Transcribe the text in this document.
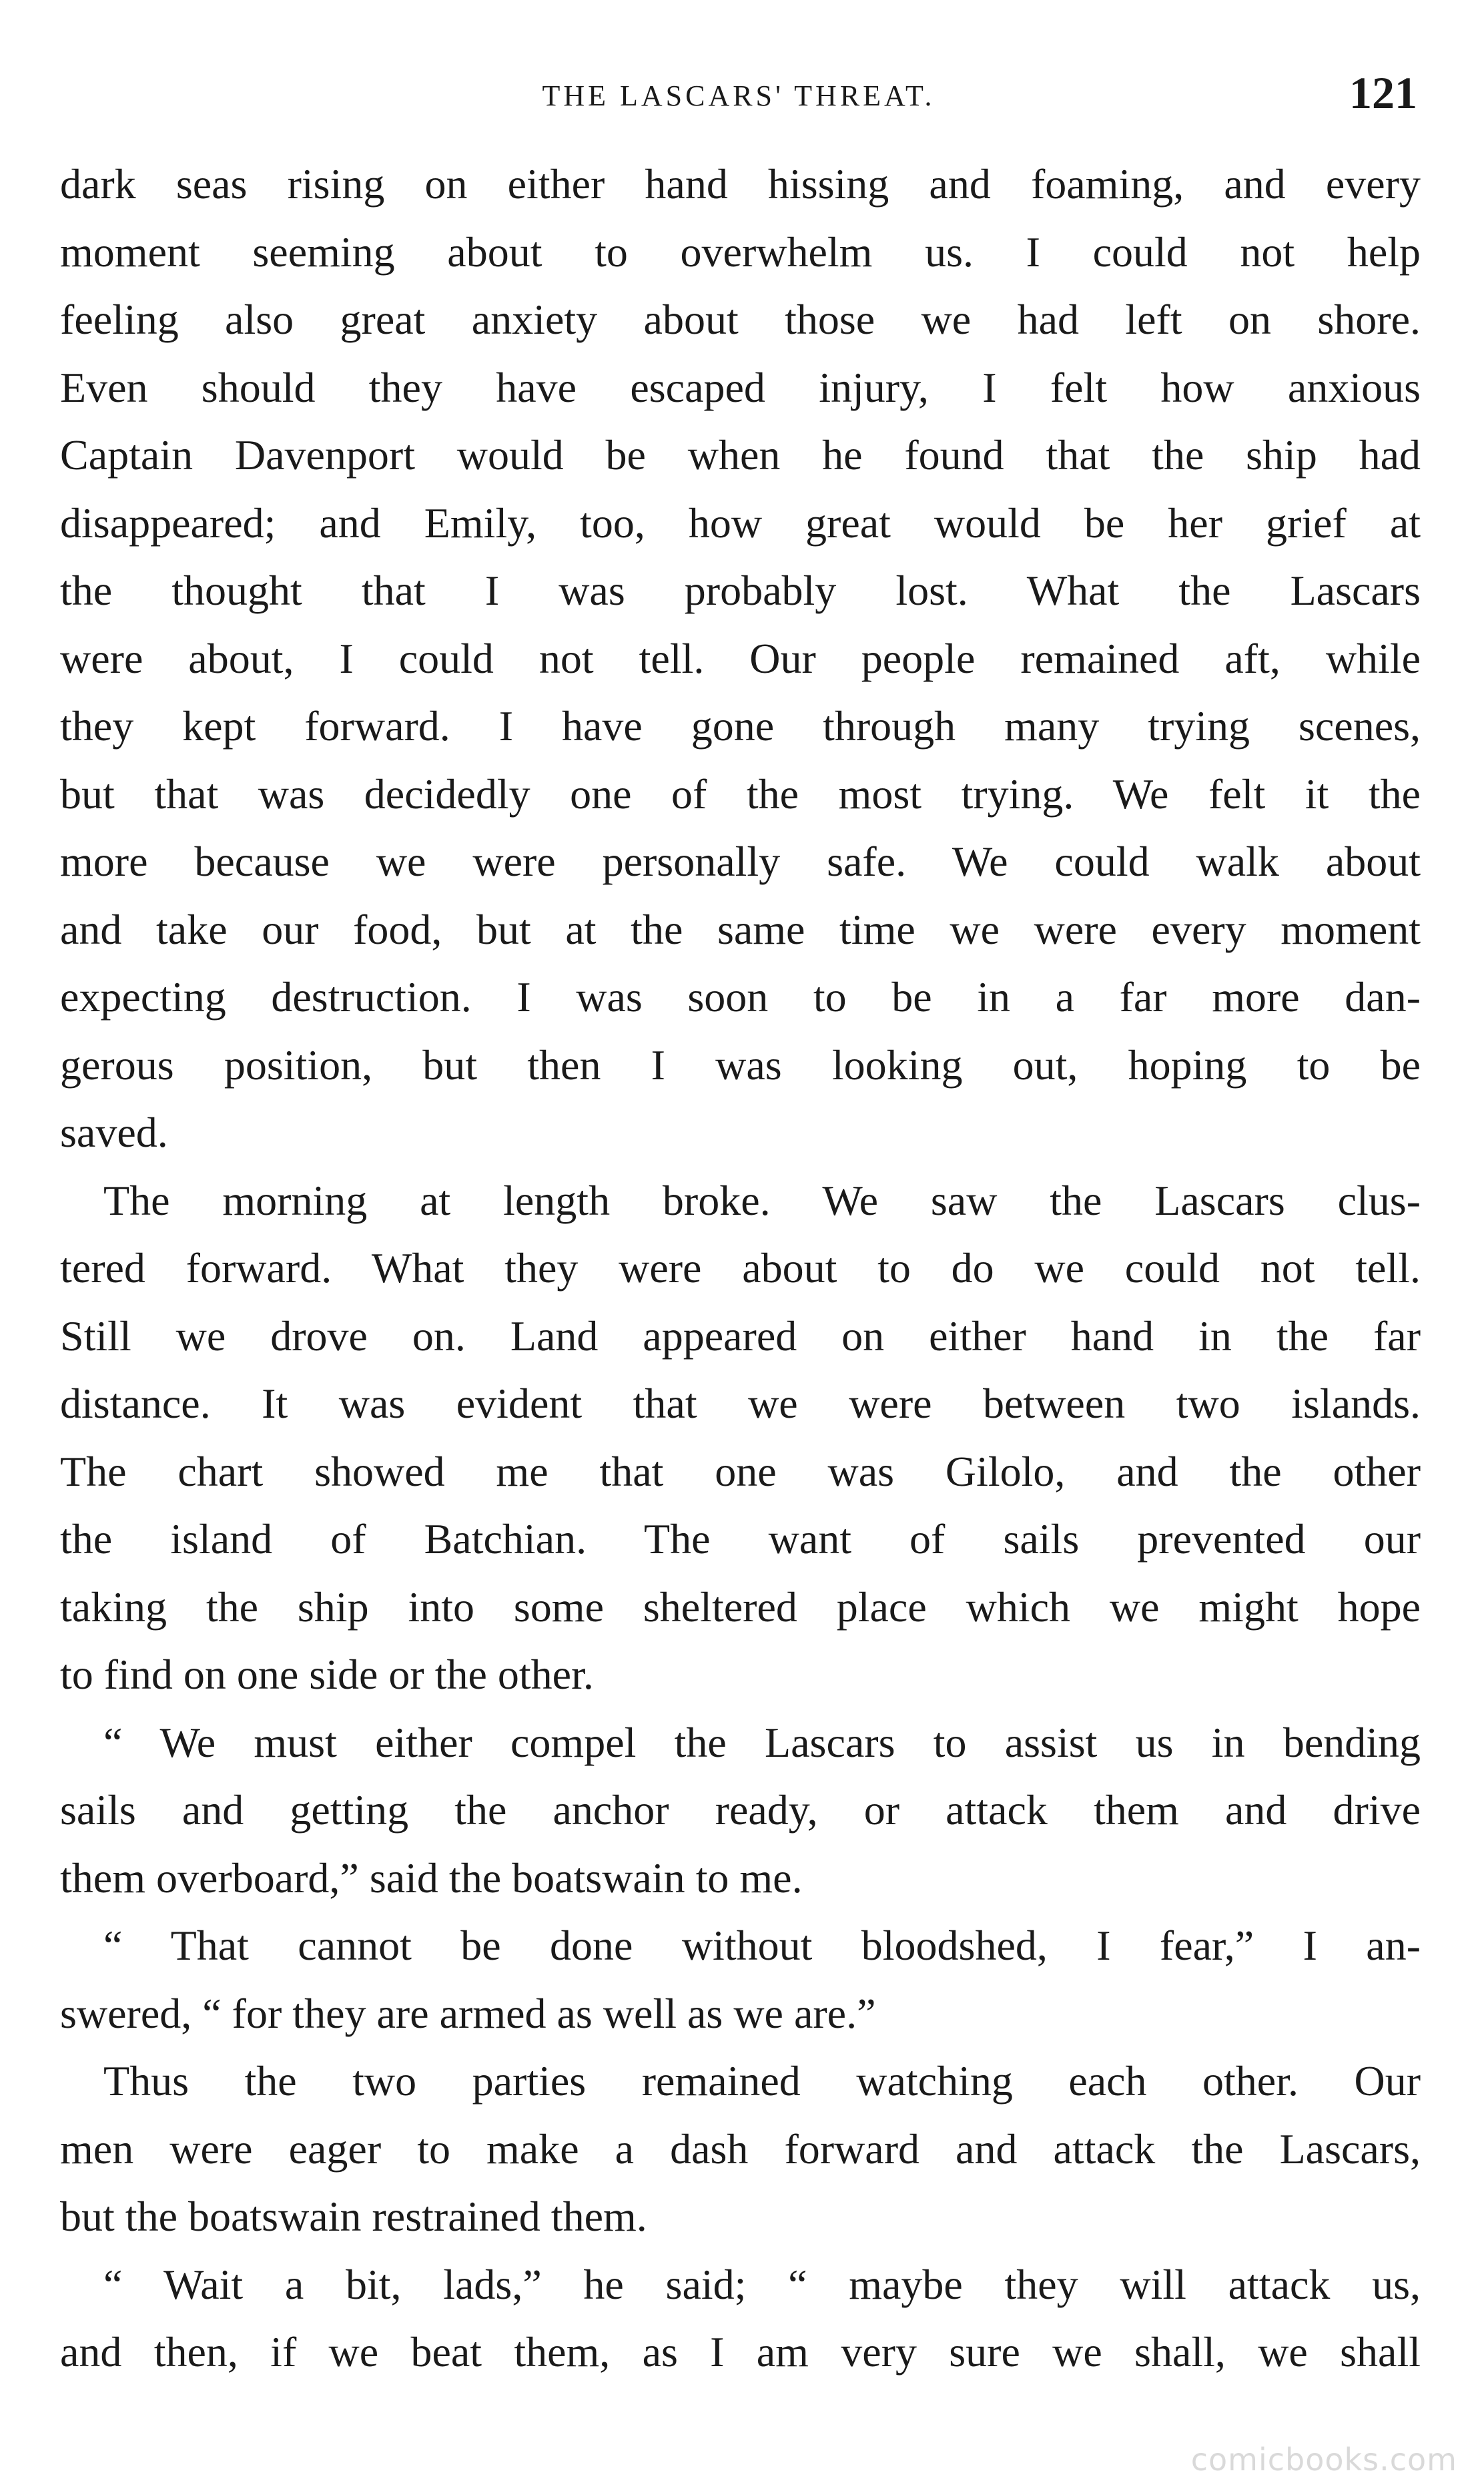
THE LASCARS' THREAT.	121
dark seas rising on either hand hissing and foaming, and every
moment seeming about to overwhelm us. I could not help
feeling also great anxiety about those we had left on shore.
Even should they have escaped injury, I felt how anxious
Captain Davenport would be when he found that the ship had
disappeared; and Emily, too, how great would be her grief at
the thought that I was probably lost. What the Lascars
were about, I could not tell. Our people remained aft, while
they kept forward. I have gone through many trying scenes,
but that was decidedly one of the most trying. We felt it the
more because we were personally safe. We could walk about
and take our food, but at the same time we were every moment
expecting destruction. I was soon to be in a far more dan-
gerous position, but then I was looking out, hoping to be
saved.
The morning at length broke. We saw the Lascars clus-
tered forward. What they were about to do we could not tell.
Still we drove on. Land appeared on either hand in the far
distance. It was evident that we were between two islands.
The chart showed me that one was Gilolo, and the other
the island of Batchian. The want of sails prevented our
taking the ship into some sheltered place which we might hope
to find on one side or the other.
“ We must either compel the Lascars to assist us in bending
sails and getting the anchor ready, or attack them and drive
them overboard,” said the boatswain to me.
“ That cannot be done without bloodshed, I fear,” I an-
swered, “ for they are armed as well as we are.”
Thus the two parties remained watching each other. Our
men were eager to make a dash forward and attack the Lascars,
but the boatswain restrained them.
“ Wait a bit, lads,” he said; “ maybe they will attack us,
and then, if we beat them, as I am very sure we shall, we shall
comicbooks.com
